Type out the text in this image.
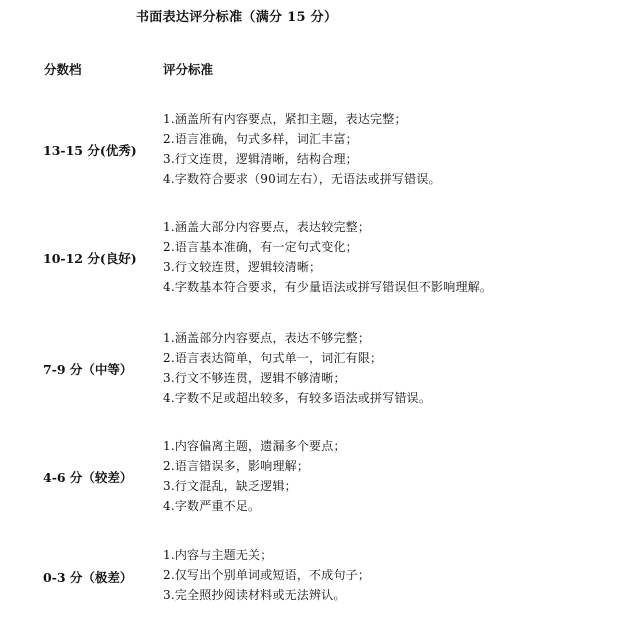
书面表达评分标准（满分 15 分）
分数档	评分标准
13-15 分(优秀)
1.涵盖所有内容要点，紧扣主题，表达完整；
2.语言准确，句式多样，词汇丰富；
3.行文连贯，逻辑清晰，结构合理；
4.字数符合要求（90词左右），无语法或拼写错误。
10-12 分(良好)
1.涵盖大部分内容要点，表达较完整；
2.语言基本准确，有一定句式变化；
3.行文较连贯，逻辑较清晰；
4.字数基本符合要求，有少量语法或拼写错误但不影响理解。
7-9 分（中等）
1.涵盖部分内容要点，表达不够完整；
2.语言表达简单，句式单一，词汇有限；
3.行文不够连贯，逻辑不够清晰；
4.字数不足或超出较多，有较多语法或拼写错误。
4-6 分（较差）
1.内容偏离主题，遗漏多个要点；
2.语言错误多，影响理解；
3.行文混乱，缺乏逻辑；
4.字数严重不足。
0-3 分（极差）
1.内容与主题无关；
2.仅写出个别单词或短语，不成句子；
3.完全照抄阅读材料或无法辨认。
